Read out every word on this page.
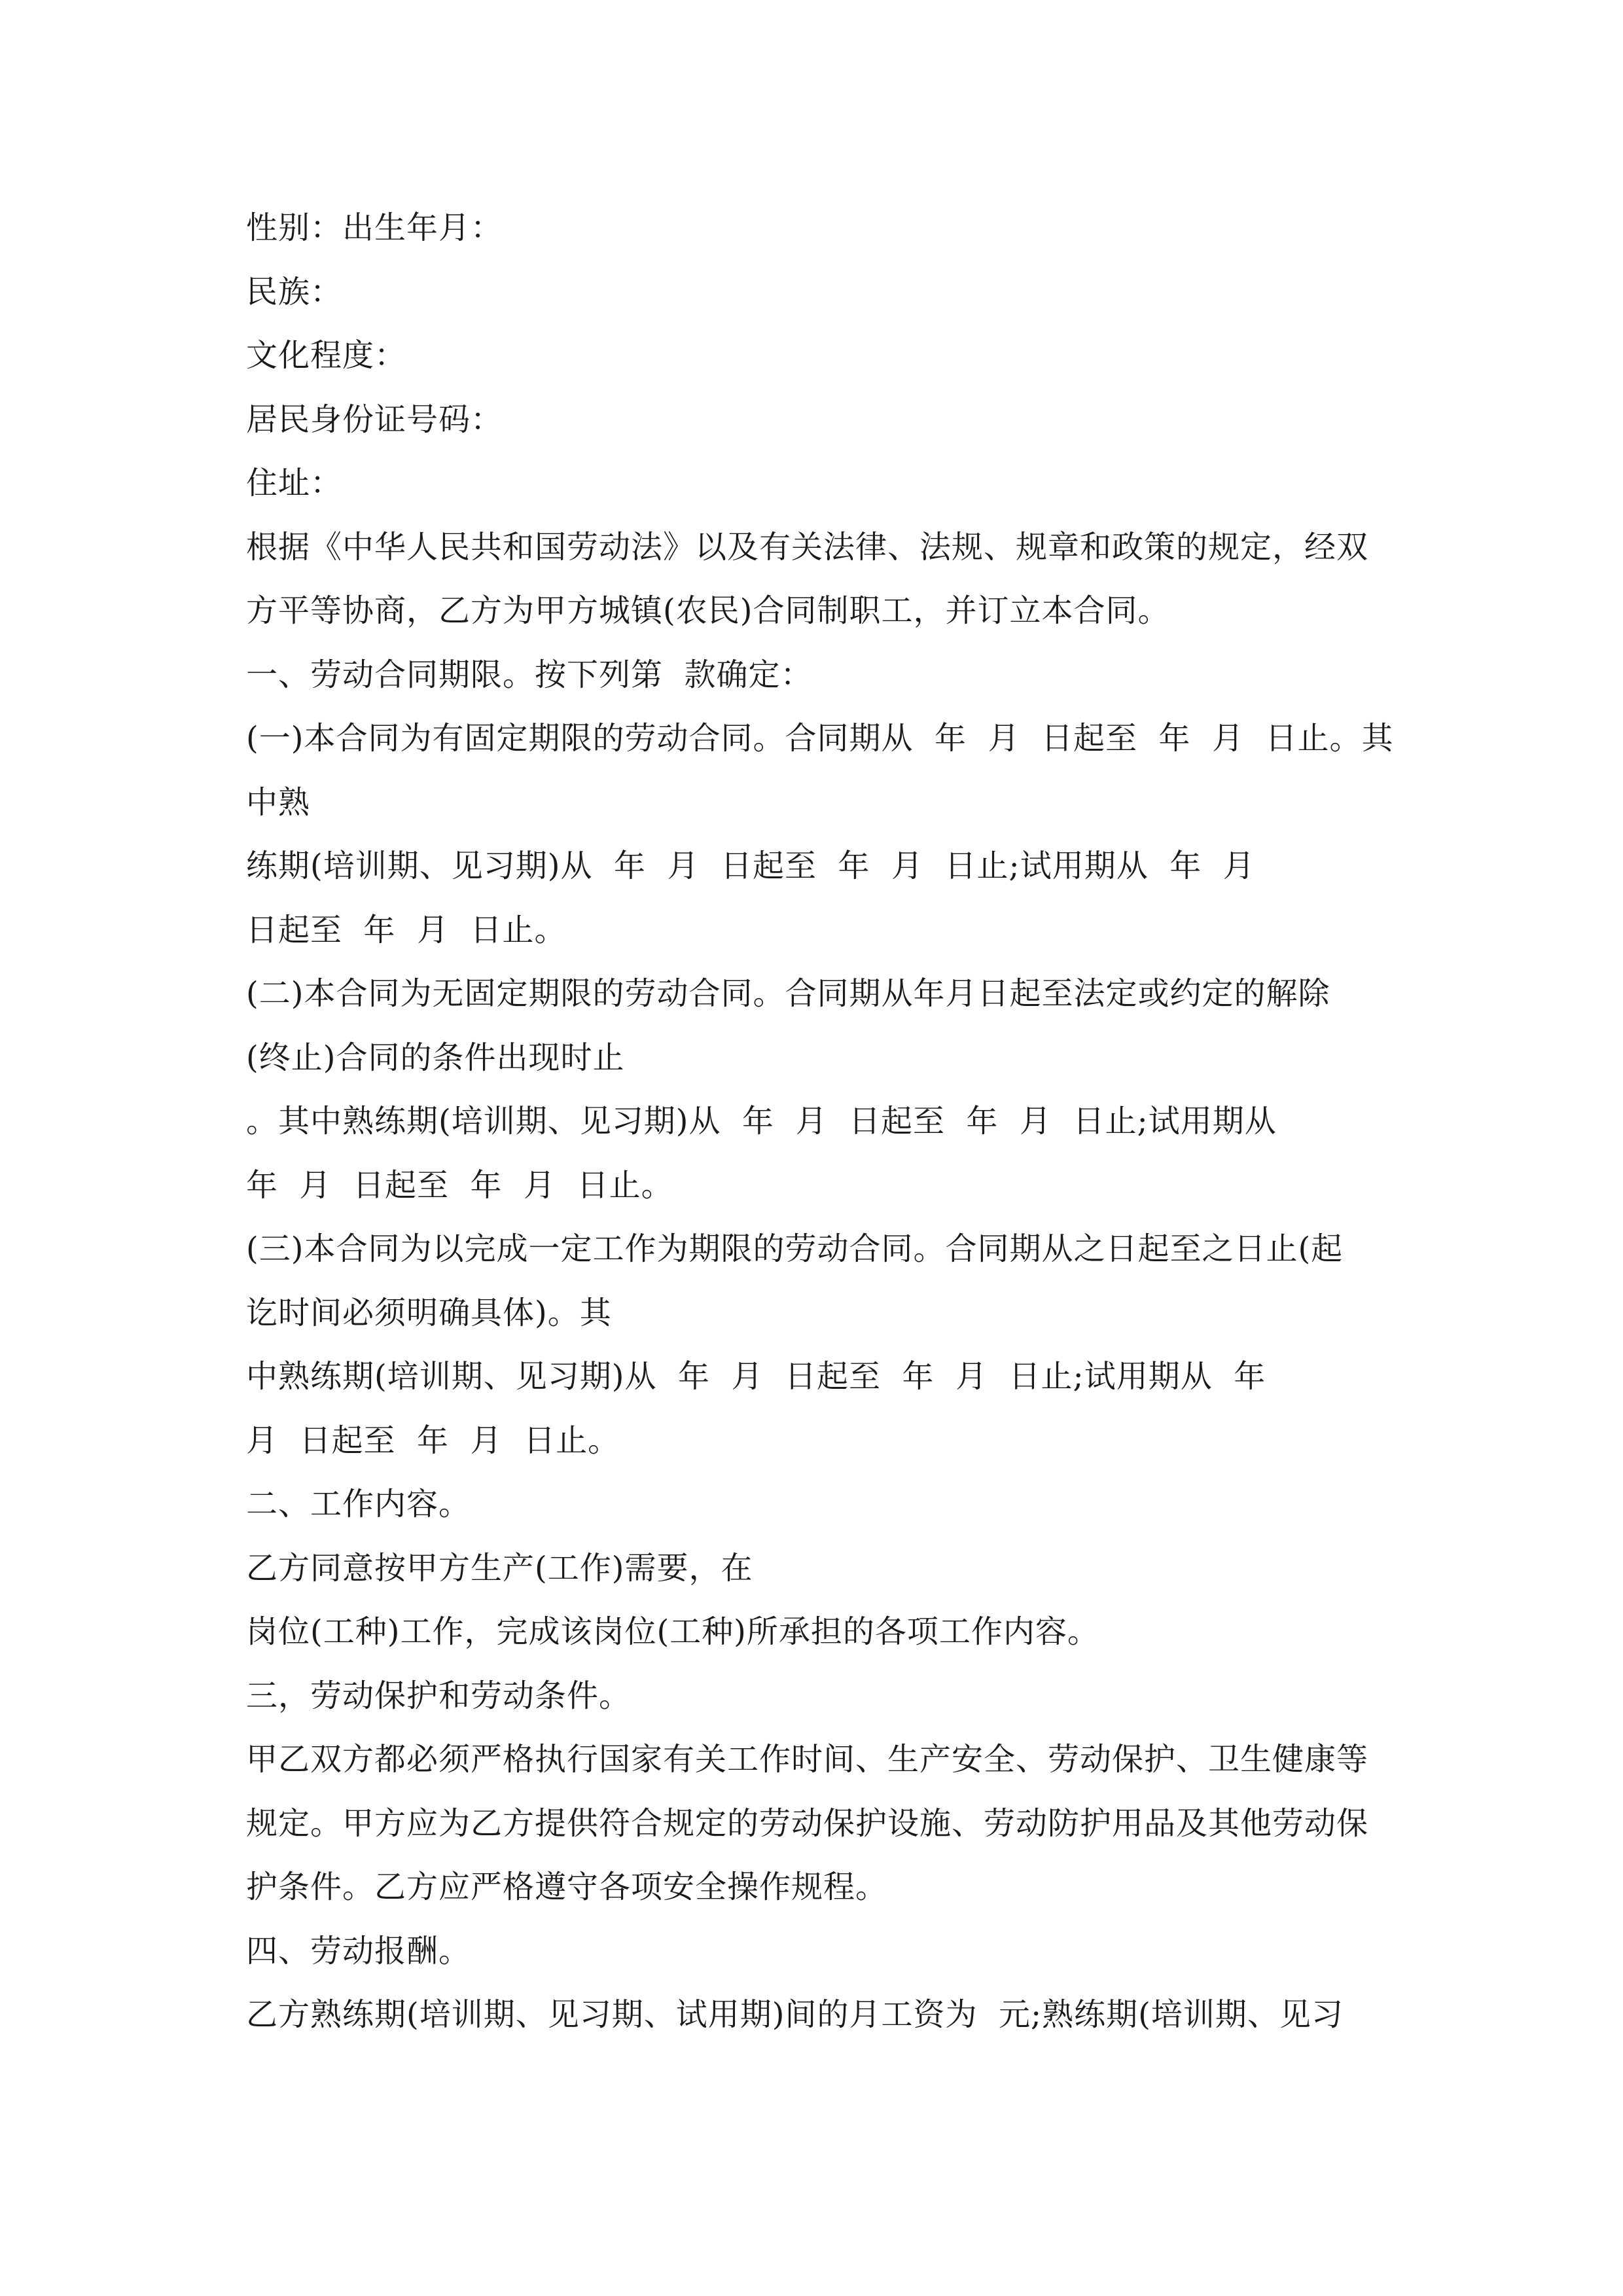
性别：出生年月：
民族：
文化程度：
居民身份证号码：
住址：
根据《中华人民共和国劳动法》以及有关法律、法规、规章和政策的规定，经双
方平等协商，乙方为甲方城镇(农民)合同制职工，并订立本合同。
一、劳动合同期限。按下列第  款确定：
(一)本合同为有固定期限的劳动合同。合同期从  年  月  日起至  年  月  日止。其
中熟
练期(培训期、见习期)从  年  月  日起至  年  月  日止;试用期从  年  月
日起至  年  月  日止。
(二)本合同为无固定期限的劳动合同。合同期从年月日起至法定或约定的解除
(终止)合同的条件出现时止
。其中熟练期(培训期、见习期)从  年  月  日起至  年  月  日止;试用期从
年  月  日起至  年  月  日止。
(三)本合同为以完成一定工作为期限的劳动合同。合同期从之日起至之日止(起
讫时间必须明确具体)。其
中熟练期(培训期、见习期)从  年  月  日起至  年  月  日止;试用期从  年
月  日起至  年  月  日止。
二、工作内容。
乙方同意按甲方生产(工作)需要，在
岗位(工种)工作，完成该岗位(工种)所承担的各项工作内容。
三，劳动保护和劳动条件。
甲乙双方都必须严格执行国家有关工作时间、生产安全、劳动保护、卫生健康等
规定。甲方应为乙方提供符合规定的劳动保护设施、劳动防护用品及其他劳动保
护条件。乙方应严格遵守各项安全操作规程。
四、劳动报酬。
乙方熟练期(培训期、见习期、试用期)间的月工资为  元;熟练期(培训期、见习
